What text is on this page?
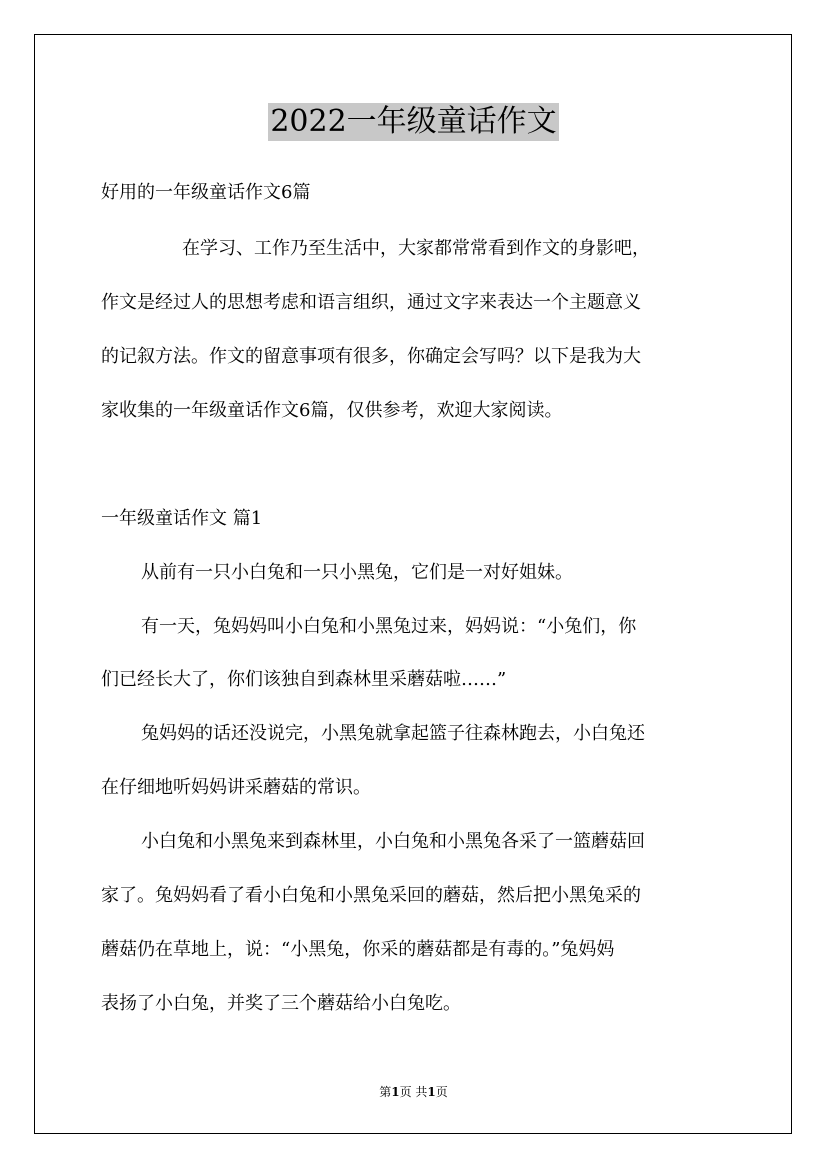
2022一年级童话作文
好用的一年级童话作文6篇
在学习、工作乃至生活中，大家都常常看到作文的身影吧，
作文是经过人的思想考虑和语言组织，通过文字来表达一个主题意义
的记叙方法。作文的留意事项有很多，你确定会写吗？以下是我为大
家收集的一年级童话作文6篇，仅供参考，欢迎大家阅读。
一年级童话作文 篇1
从前有一只小白兔和一只小黑兔，它们是一对好姐妹。
有一天，兔妈妈叫小白兔和小黑兔过来，妈妈说：“小兔们，你
们已经长大了，你们该独自到森林里采蘑菇啦……”
兔妈妈的话还没说完，小黑兔就拿起篮子往森林跑去，小白兔还
在仔细地听妈妈讲采蘑菇的常识。
小白兔和小黑兔来到森林里，小白兔和小黑兔各采了一篮蘑菇回
家了。兔妈妈看了看小白兔和小黑兔采回的蘑菇，然后把小黑兔采的
蘑菇仍在草地上，说：“小黑兔，你采的蘑菇都是有毒的。”兔妈妈
表扬了小白兔，并奖了三个蘑菇给小白兔吃。
第1页 共1页
